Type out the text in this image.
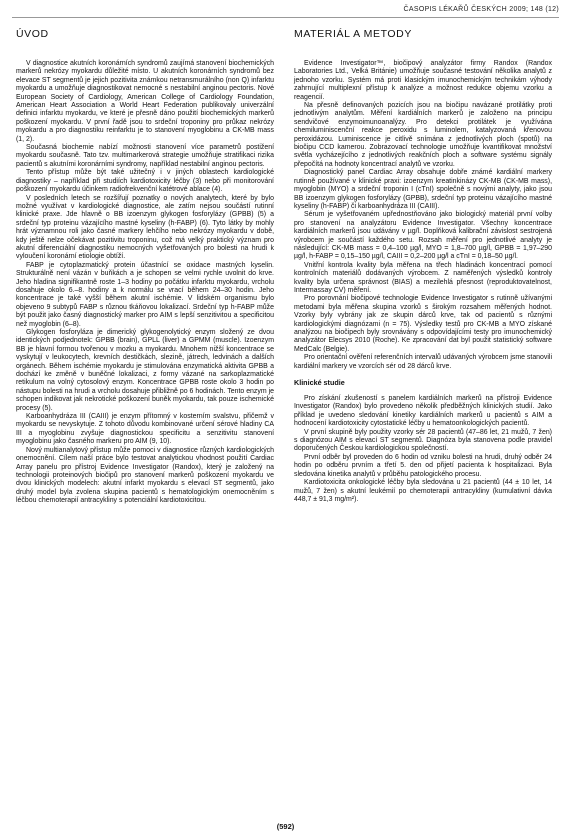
ČASOPIS LÉKAŘŮ ČESKÝCH 2009; 148 (12)
ÚVOD

V diagnostice akutních koronárních syndromů zaujímá stanovení biochemických markerů nekrózy myokardu důležité místo. U akutních koronárních syndromů bez elevace ST segmentů je jejich pozitivita známkou netransmurálního (non Q) infarktu myokardu a umožňuje diagnostikovat nemocné s nestabilní anginou pectoris. Nové European Society of Cardiology, American College of Cardiology Foundation, American Heart Association a World Heart Federation publikovaly univerzální definici infarktu myokardu, ve které je přesně dáno použití biochemických markerů poškození myokardu. V první řadě jsou to srdeční troponiny pro průkaz nekrózy myokardu a pro diagnostiku reinfarktu je to stanovení myoglobinu a CK-MB mass (1, 2).

Současná biochemie nabízí možnosti stanovení více parametrů postižení myokardu současně. Tato tzv. multimarkerová strategie umožňuje stratifikaci rizika pacientů s akutními koronárními syndromy, například nestabilní anginou pectoris.

Tento přístup může být také užitečný i v jiných oblastech kardiologické diagnostiky – například při studiích kardiotoxicity léčby (3) nebo při monitorování poškození myokardu účinkem radiofrekvenční katétrové ablace (4).

V posledních letech se rozšířují poznatky o nových analytech, které by bylo možné využívat v kardiologické diagnostice, ale zatím nejsou součástí rutinní klinické praxe. Jde hlavně o BB izoenzym glykogen fosforylázy (GPBB) (5) a srdeční typ proteinu vázajícího mastné kyseliny (h-FABP) (6). Tyto látky by mohly hrát významnou roli jako časné markery lehčího nebo nekrózy myokardu v době, kdy ještě nelze očekávat pozitivitu troponinu, což má velký praktický význam pro akutní diferenciální diagnostiku nemocných vyšetřovaných pro bolesti na hrudi k vyloučení koronární etiologie obtíží.

FABP je cytoplazmatický protein účastnící se oxidace mastných kyselin. Strukturálně není vázán v buňkách a je schopen se velmi rychle uvolnit do krve. Jeho hladina signifikantně roste 1–3 hodiny po počátku infarktu myokardu, vrcholu dosahuje okolo 6.–8. hodiny a k normálu se vrací během 24–30 hodin. Jeho koncentrace je také vyšší během akutní ischémie. V lidském organismu bylo objeveno 9 subtypů FABP s různou tkáňovou lokalizací. Srdeční typ h-FABP může být použit jako časný diagnostický marker pro AIM s lepší senzitivitou a specificitou než myoglobin (6–8).

Glykogen fosforyláza je dimerický glykogenolytický enzym složený ze dvou identických podjednotek: GPBB (brain), GPLL (liver) a GPMM (muscle). Izoenzym BB je hlavní formou tvořenou v mozku a myokardu. Mnohem nižší koncentrace se vyskytují v leukocytech, krevních destičkách, slezině, játrech, ledvinách a dalších orgánech. Během ischémie myokardu je stimulována enzymatická aktivita GPBB a dochází ke změně v buněčné lokalizaci, z formy vázané na sarkoplazmatické retikulum na volný cytosolový enzym. Koncentrace GPBB roste okolo 3 hodin po nástupu bolesti na hrudi a vrcholu dosahuje přibližně po 6 hodinách. Tento enzym je schopen indikovat jak nekrotické poškození buněk myokardu, tak pouze ischemické procesy (5).

Karboanhydráza III (CAIII) je enzym přítomný v kosterním svalstvu, přičemž v myokardu se nevyskytuje. Z tohoto důvodu kombinované určení sérové hladiny CA III a myoglobinu zvyšuje diagnostickou specificitu a senzitivitu stanovení myoglobinu jako časného markeru pro AIM (9, 10).

Nový multianalytový přístup může pomoci v diagnostice různých kardiologických onemocnění. Cílem naší práce bylo testovat analytickou vhodnost použití Cardiac Array panelu pro přístroj Evidence Investigator (Randox), který je založený na technologii proteinových biočipů pro stanovení markerů poškození myokardu ve dvou klinických modelech: akutní infarkt myokardu s elevací ST segmentů, jako druhý model byla zvolena skupina pacientů s hematologickým onemocněním s léčbou chemoterapií antracykliny s potenciální kardiotoxicitou.

MATERIÁL A METODY

Evidence Investigator™, biočipový analyzátor firmy Randox (Randox Laboratories Ltd., Velká Británie) umožňuje současné testování několika analytů z jednoho vzorku. Systém má proti klasickým imunochemickým technikám výhody zahrnující multiplexní přístup k analýze a možnost redukce objemu vzorku a reagencií.

Na přesně definovaných pozicích jsou na biočipu navázané protilátky proti jednotlivým analytům. Měření kardiálních markerů je založeno na principu sendvičové enzymoimunoanalýzy. Pro detekci protilátek je využívána chemiluminiscenční reakce peroxidu s luminolem, katalyzovaná křenovou peroxidázou. Luminiscence je citlivě snímána z jednotlivých ploch (spotů) na biočipu CCD kamerou. Zobrazovací technologie umožňuje kvantifikovat množství světla vycházejícího z jednotlivých reakčních ploch a software systému signály přepočítá na hodnoty koncentrací analytů ve vzorku.

Diagnostický panel Cardiac Array obsahuje dobře známé kardiální markery rutinně používané v klinické praxi: izoenzym kreatinkinázy CK-MB (CK-MB mass), myoglobin (MYO) a srdeční troponin I (cTnI) společně s novými analyty, jako jsou BB izoenzym glykogen fosforylázy (GPBB), srdeční typ proteinu vázajícího mastné kyseliny (h-FABP) či karboanhydráza III (CAIII).

Sérum je vyšetřovaném upřednostňováno jako biologický materiál první volby pro stanovení na analyzátoru Evidence Investigator. Všechny koncentrace kardiálních markerů jsou udávány v µg/l. Doplňková kalibrační závislost sestrojená výrobcem je součástí každého setu. Rozsah měření pro jednotlivé analyty je následující: CK-MB mass = 0,4–100 µg/l, MYO = 1,8–700 µg/l, GPBB = 1,97–290 µg/l, h-FABP = 0,15–150 µg/l, CAIII = 0,2–200 µg/l a cTnI = 0,18–50 µg/l.

Vnitřní kontrola kvality byla měřena na třech hladinách koncentrací pomocí kontrolních materiálů dodávaných výrobcem. Z naměřených výsledků kontroly kvality byla určena správnost (BIAS) a mezilehlá přesnost (reproduktovatelnost, Intermassay CV) měření.

Pro porovnání biočipové technologie Evidence Investigator s rutinně užívanými metodami byla měřena skupina vzorků s širokým rozsahem měřených hodnot. Vzorky byly vybrány jak ze skupin dárců krve, tak od pacientů s různými kardiologickými diagnózami (n = 75). Výsledky testů pro CK-MB a MYO získané analýzou na biočipech byly srovnávány s odpovídajícími testy pro imunochemický analyzátor Elecsys 2010 (Roche). Ke zpracování dat byl použit statistický software MedCalc (Belgie).

Pro orientační ověření referenčních intervalů udávaných výrobcem jsme stanovili kardiální markery ve vzorcích sér od 28 dárců krve.

Klinické studie

Pro získání zkušeností s panelem kardiálních markerů na přístroji Evidence Investigator (Randox) bylo provedeno několik předběžných klinických studií. Jako příklad je uvedeno sledování kinetiky kardiálních markerů u pacientů s AIM a hodnocení kardiotoxicity cytostatické léčby u hematoonkologických pacientů.

V první skupině byly použity vzorky sér 28 pacientů (47–86 let, 21 mužů, 7 žen) s diagnózou AIM s elevací ST segmentů. Diagnóza byla stanovena podle pravidel doporučených Českou kardiologickou společností.

První odběr byl proveden do 6 hodin od vzniku bolesti na hrudi, druhý odběr 24 hodin po odběru prvním a třetí 5. den od přijetí pacienta k hospitalizaci. Byla sledována kinetika analytů v průběhu patologického procesu.

Kardiotoxicita onkologické léčby byla sledována u 21 pacientů (44 ± 10 let, 14 mužů, 7 žen) s akutní leukémií po chemoterapii antracykliny (kumulativní dávka 448,7 ± 91,3 mg/m²).

(592)
